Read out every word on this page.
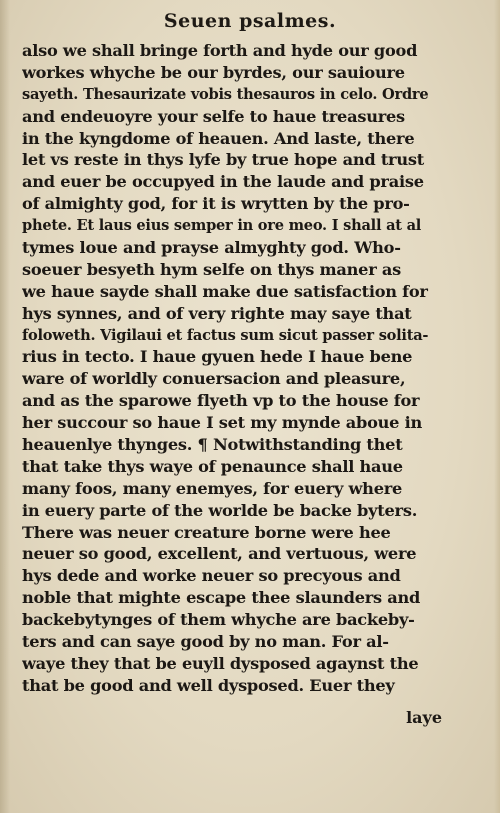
Seuen psalmes.
also we shall bringe forth and hyde our good
workes whyche be our byrdes, our sauioure
sayeth. Thesaurizate vobis thesauros in celo. Ordre
and endeuoyre your selfe to haue treasures
in the kyngdome of heauen. And laste, there
let vs reste in thys lyfe by true hope and trust
and euer be occupyed in the laude and praise
of almighty god, for it is wrytten by the pro-
phete. Et laus eius semper in ore meo. I shall at al
tymes loue and prayse almyghty god. Who-
soeuer besyeth hym selfe on thys maner as
we haue sayde shall make due satisfaction for
hys synnes, and of very righte may saye that
foloweth. Vigilaui et factus sum sicut passer solita-
rius in tecto. I haue gyuen hede I haue bene
ware of worldly conuersacion and pleasure,
and as the sparowe flyeth vp to the house for
her succour so haue I set my mynde aboue in
heauenlye thynges. ¶ Notwithstanding thet
that take thys waye of penaunce shall haue
many foos, many enemyes, for euery where
in euery parte of the worlde be backe byters.
There was neuer creature borne were hee
neuer so good, excellent, and vertuous, were
hys dede and worke neuer so precyous and
noble that mighte escape thee slaunders and
backebytynges of them whyche are backeby-
ters and can saye good by no man. For al-
waye they that be euyll dysposed agaynst the
that be good and well dysposed. Euer they
laye
